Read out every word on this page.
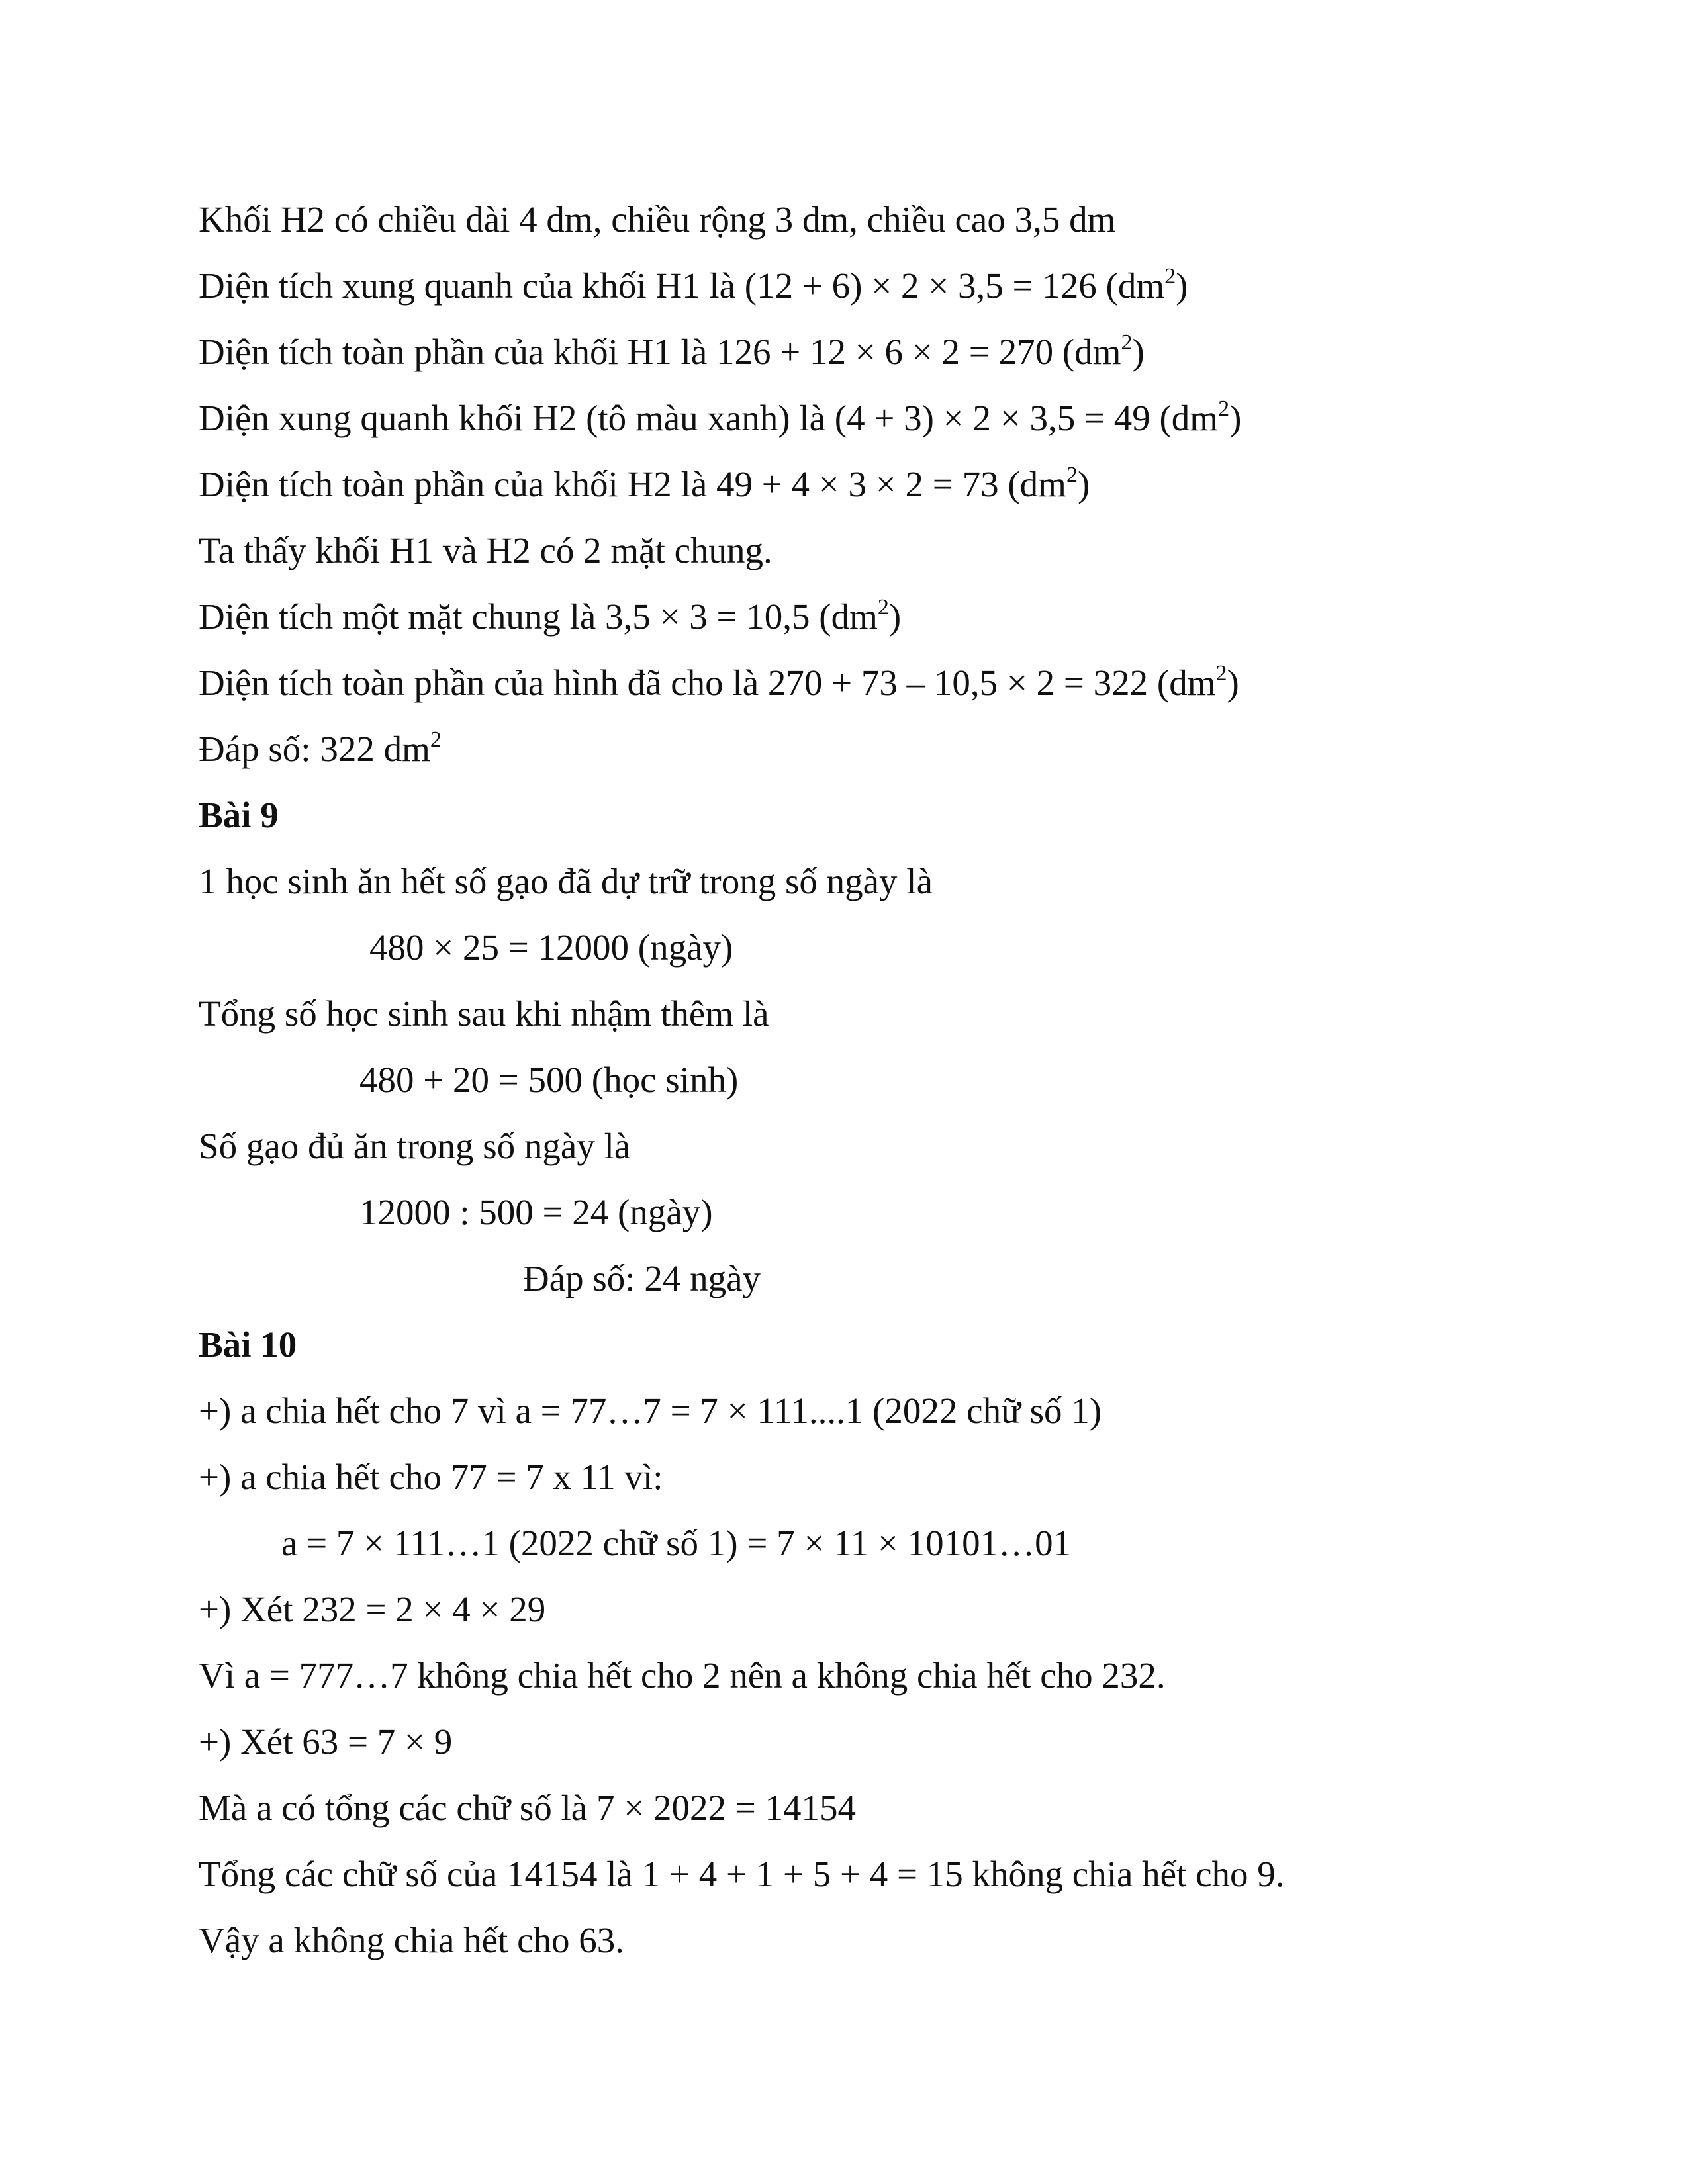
Khối H2 có chiều dài 4 dm, chiều rộng 3 dm, chiều cao 3,5 dm

Diện tích xung quanh của khối H1 là (12 + 6) × 2 × 3,5 = 126 $(dm^2)$

Diện tích toàn phần của khối H1 là 126 + 12 × 6 × 2 = 270 $(dm^2)$

Diện xung quanh khối H2 (tô màu xanh) là (4 + 3) × 2 × 3,5 = 49 $(dm^2)$

Diện tích toàn phần của khối H2 là 49 + 4 × 3 × 2 = 73 $(dm^2)$

Ta thấy khối H1 và H2 có 2 mặt chung.

Diện tích một mặt chung là 3,5 × 3 = 10,5 $(dm^2)$

Diện tích toàn phần của hình đã cho là 270 + 73 – 10,5 × 2 = 322 $(dm^2)$

Đáp số: 322 $dm^2$

Bài 9

1 học sinh ăn hết số gạo đã dự trữ trong số ngày là

480 × 25 = 12000 (ngày)

Tổng số học sinh sau khi nhậm thêm là

480 + 20 = 500 (học sinh)

Số gạo đủ ăn trong số ngày là

12000 : 500 = 24 (ngày)

Đáp số: 24 ngày

Bài 10

+) a chia hết cho 7 vì a = 77…7 = 7 × 111....1 (2022 chữ số 1)

+) a chia hết cho 77 = 7 x 11 vì:

a = 7 × 111…1 (2022 chữ số 1) = 7 × 11 × 10101…01

+) Xét 232 = 2 × 4 × 29

Vì a = 777…7 không chia hết cho 2 nên a không chia hết cho 232.

+) Xét 63 = 7 × 9

Mà a có tổng các chữ số là 7 × 2022 = 14154

Tổng các chữ số của 14154 là 1 + 4 + 1 + 5 + 4 = 15 không chia hết cho 9.

Vậy a không chia hết cho 63.
